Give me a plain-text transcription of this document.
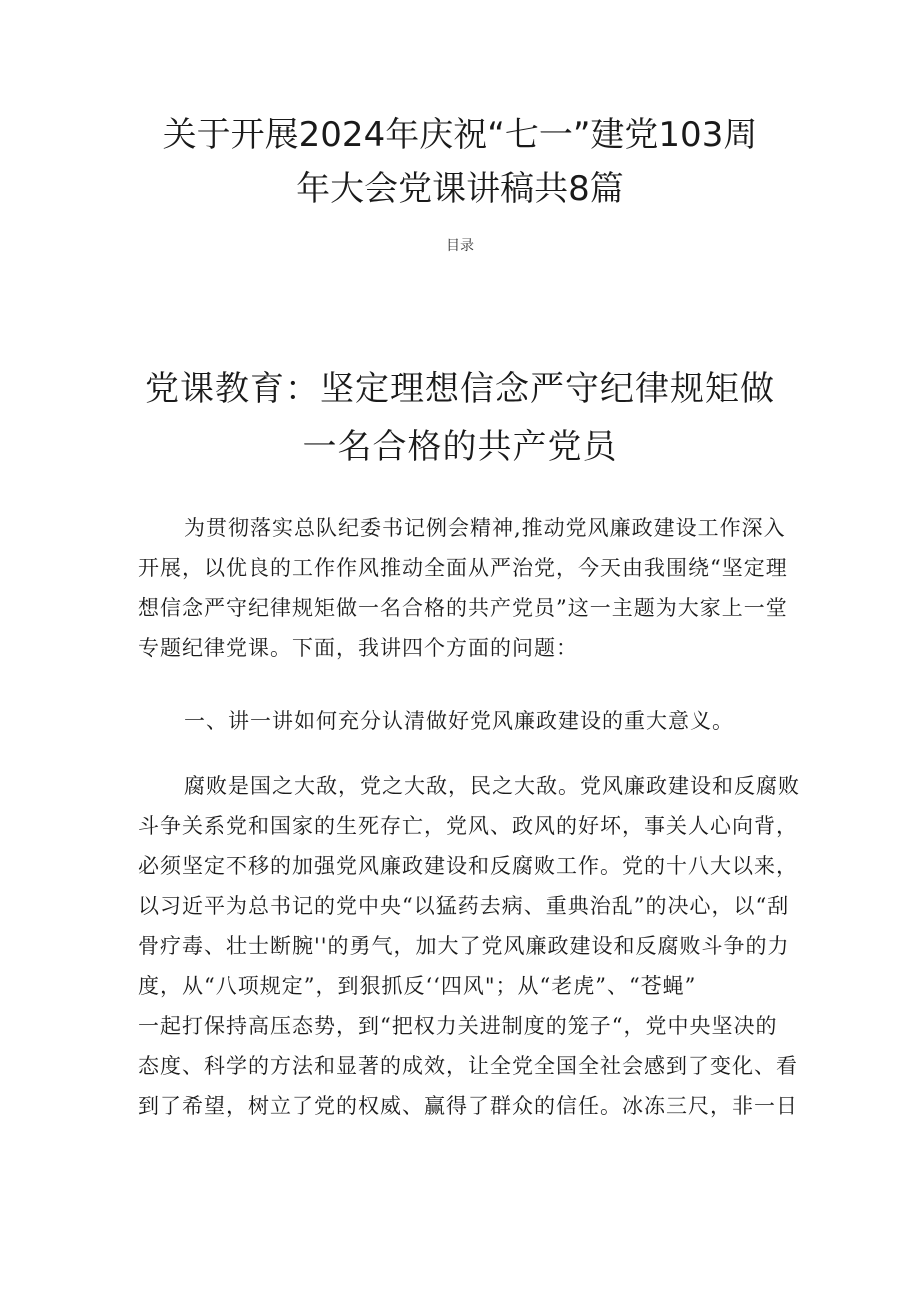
关于开展2024年庆祝“七一”建党103周
年大会党课讲稿共8篇
目录
党课教育：坚定理想信念严守纪律规矩做
一名合格的共产党员

为贯彻落实总队纪委书记例会精神,推动党风廉政建设工作深入
开展，以优良的工作作风推动全面从严治党，今天由我围绕“坚定理
想信念严守纪律规矩做一名合格的共产党员”这一主题为大家上一堂
专题纪律党课。下面，我讲四个方面的问题：

一、讲一讲如何充分认清做好党风廉政建设的重大意义。

腐败是国之大敌，党之大敌，民之大敌。党风廉政建设和反腐败
斗争关系党和国家的生死存亡，党风、政风的好坏，事关人心向背，
必须坚定不移的加强党风廉政建设和反腐败工作。党的十八大以来，
以习近平为总书记的党中央“以猛药去病、重典治乱”的决心，以“刮
骨疗毒、壮士断腕''的勇气，加大了党风廉政建设和反腐败斗争的力
度，从“八项规定”，到狠抓反‘‘四风"；从“老虎”、“苍蝇”
一起打保持高压态势，到“把权力关进制度的笼子“，党中央坚决的
态度、科学的方法和显著的成效，让全党全国全社会感到了变化、看
到了希望，树立了党的权威、赢得了群众的信任。冰冻三尺，非一日
